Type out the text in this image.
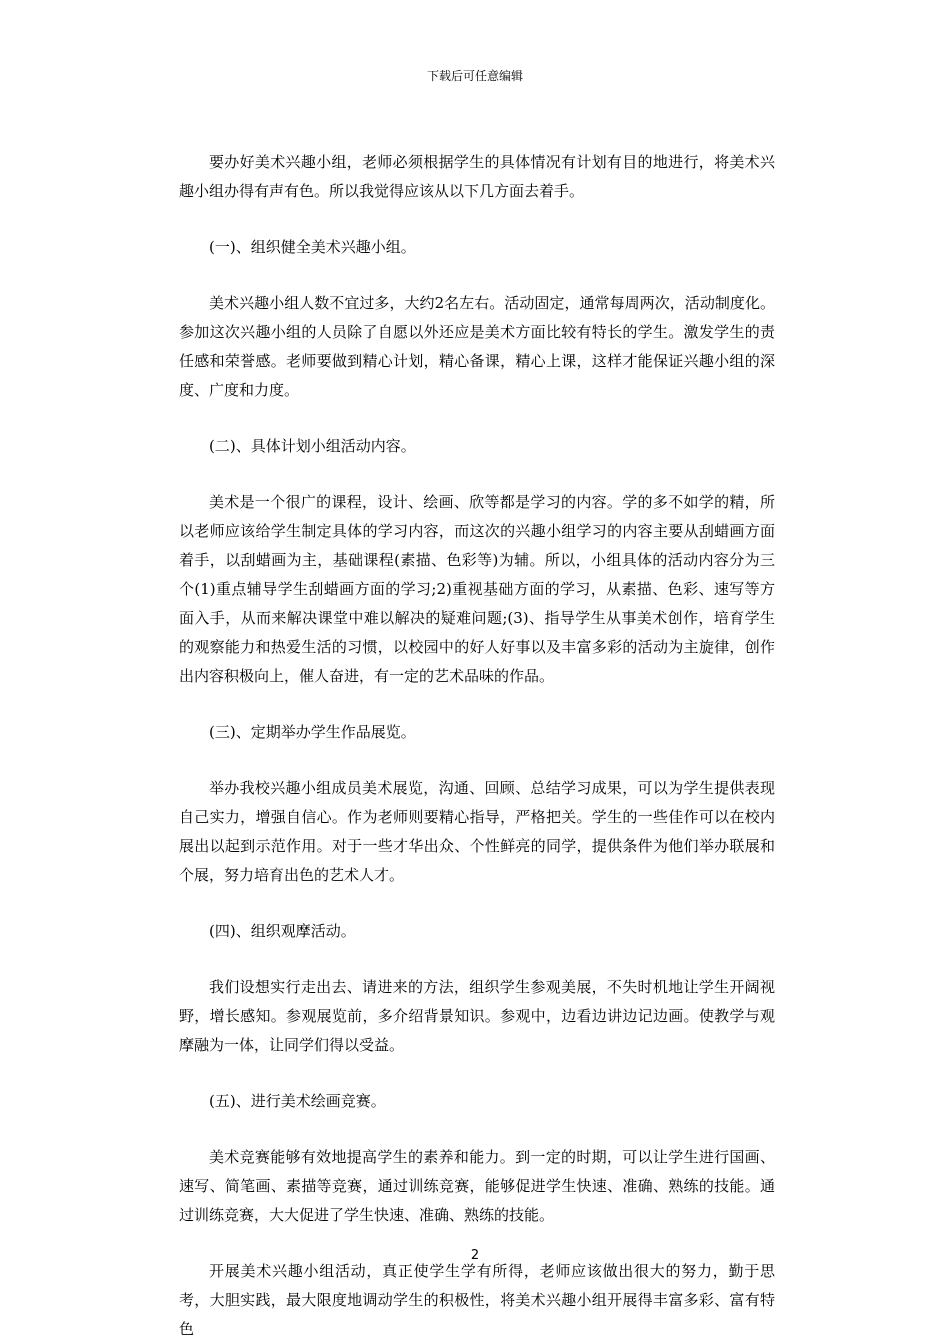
下载后可任意编辑

要办好美术兴趣小组，老师必须根据学生的具体情况有计划有目的地进行，将美术兴趣小组办得有声有色。所以我觉得应该从以下几方面去着手。

(一)、组织健全美术兴趣小组。

美术兴趣小组人数不宜过多，大约2名左右。活动固定，通常每周两次，活动制度化。参加这次兴趣小组的人员除了自愿以外还应是美术方面比较有特长的学生。激发学生的责任感和荣誉感。老师要做到精心计划，精心备课，精心上课，这样才能保证兴趣小组的深度、广度和力度。

(二)、具体计划小组活动内容。

美术是一个很广的课程，设计、绘画、欣等都是学习的内容。学的多不如学的精，所以老师应该给学生制定具体的学习内容，而这次的兴趣小组学习的内容主要从刮蜡画方面着手，以刮蜡画为主，基础课程(素描、色彩等)为辅。所以，小组具体的活动内容分为三个(1)重点辅导学生刮蜡画方面的学习;2)重视基础方面的学习，从素描、色彩、速写等方面入手，从而来解决课堂中难以解决的疑难问题;(3)、指导学生从事美术创作，培育学生的观察能力和热爱生活的习惯，以校园中的好人好事以及丰富多彩的活动为主旋律，创作出内容积极向上，催人奋进，有一定的艺术品味的作品。

(三)、定期举办学生作品展览。

举办我校兴趣小组成员美术展览，沟通、回顾、总结学习成果，可以为学生提供表现自己实力，增强自信心。作为老师则要精心指导，严格把关。学生的一些佳作可以在校内展出以起到示范作用。对于一些才华出众、个性鲜亮的同学，提供条件为他们举办联展和个展，努力培育出色的艺术人才。

(四)、组织观摩活动。

我们设想实行走出去、请进来的方法，组织学生参观美展，不失时机地让学生开阔视野，增长感知。参观展览前，多介绍背景知识。参观中，边看边讲边记边画。使教学与观摩融为一体，让同学们得以受益。

(五)、进行美术绘画竞赛。

美术竞赛能够有效地提高学生的素养和能力。到一定的时期，可以让学生进行国画、速写、简笔画、素描等竞赛，通过训练竞赛，能够促进学生快速、准确、熟练的技能。通过训练竞赛，大大促进了学生快速、准确、熟练的技能。

开展美术兴趣小组活动，真正使学生学有所得，老师应该做出很大的努力，勤于思考，大胆实践，最大限度地调动学生的积极性，将美术兴趣小组开展得丰富多彩、富有特色

2
